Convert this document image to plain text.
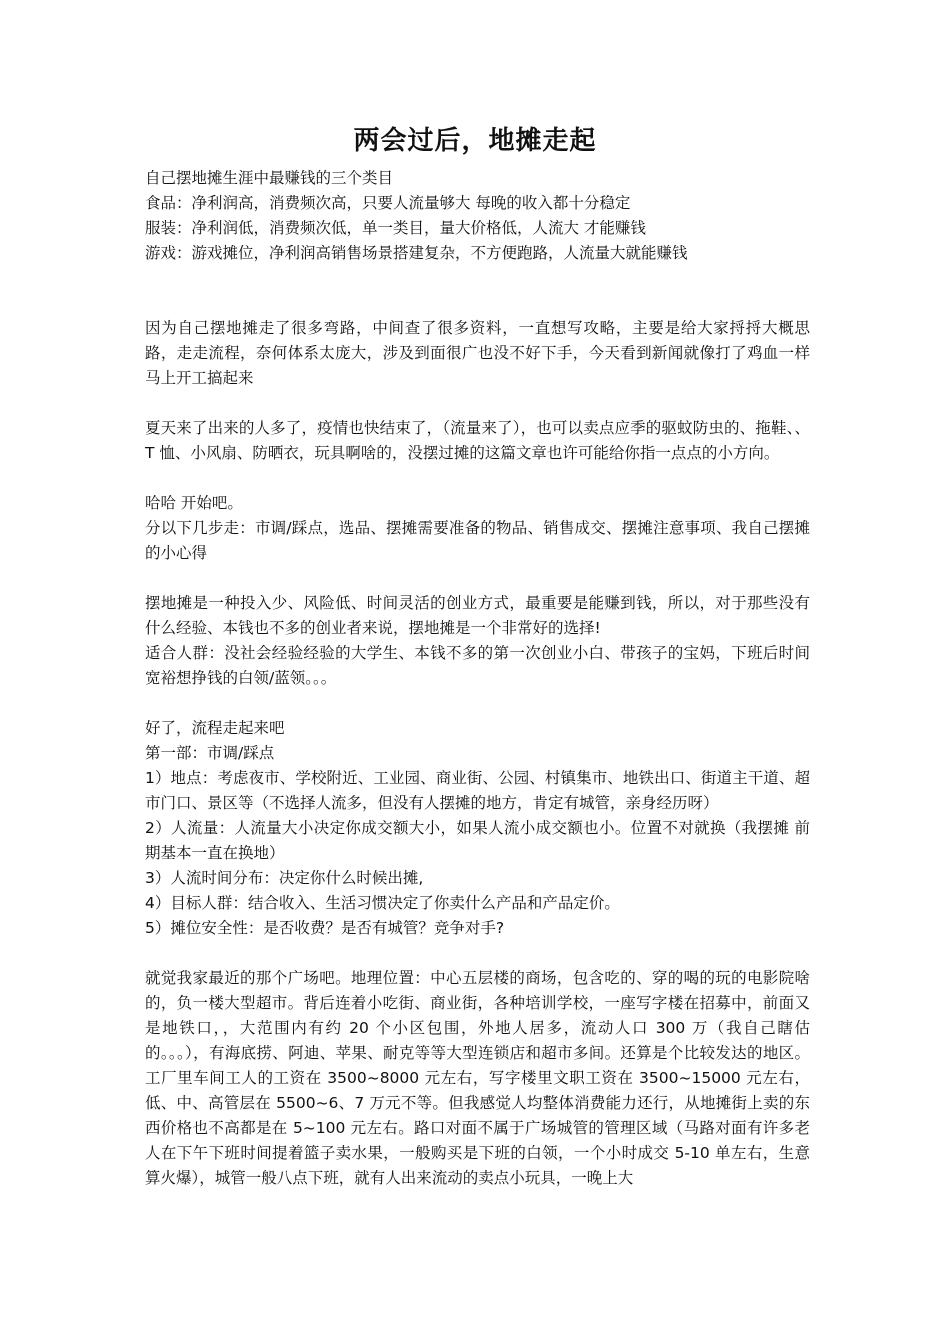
两会过后，地摊走起

自己摆地摊生涯中最赚钱的三个类目

食品：净利润高，消费频次高，只要人流量够大 每晚的收入都十分稳定

服装：净利润低，消费频次低，单一类目，量大价格低，人流大 才能赚钱

游戏：游戏摊位，净利润高销售场景搭建复杂，不方便跑路，人流量大就能赚钱

因为自己摆地摊走了很多弯路，中间查了很多资料，一直想写攻略，主要是给大家捋捋大概思路，走走流程，奈何体系太庞大，涉及到面很广也没不好下手，今天看到新闻就像打了鸡血一样马上开工搞起来

夏天来了出来的人多了，疫情也快结束了，（流量来了），也可以卖点应季的驱蚊防虫的、拖鞋、、T 恤、小风扇、防晒衣，玩具啊啥的，没摆过摊的这篇文章也许可能给你指一点点的小方向。

哈哈 开始吧。

分以下几步走：市调/踩点，选品、摆摊需要准备的物品、销售成交、摆摊注意事项、我自己摆摊的小心得

摆地摊是一种投入少、风险低、时间灵活的创业方式，最重要是能赚到钱，所以，对于那些没有什么经验、本钱也不多的创业者来说，摆地摊是一个非常好的选择!

适合人群：没社会经验经验的大学生、本钱不多的第一次创业小白、带孩子的宝妈，下班后时间宽裕想挣钱的白领/蓝领。。。

好了，流程走起来吧

第一部：市调/踩点

1）地点：考虑夜市、学校附近、工业园、商业街、公园、村镇集市、地铁出口、街道主干道、超市门口、景区等（不选择人流多，但没有人摆摊的地方，肯定有城管，亲身经历呀）

2）人流量：人流量大小决定你成交额大小，如果人流小成交额也小。位置不对就换（我摆摊 前期基本一直在换地）

3）人流时间分布：决定你什么时候出摊,

4）目标人群：结合收入、生活习惯决定了你卖什么产品和产品定价。

5）摊位安全性：是否收费？是否有城管？竞争对手?

就觉我家最近的那个广场吧。地理位置：中心五层楼的商场，包含吃的、穿的喝的玩的电影院啥的，负一楼大型超市。背后连着小吃街、商业街，各种培训学校，一座写字楼在招募中，前面又是地铁口，，大范围内有约 20 个小区包围，外地人居多，流动人口 300 万（我自己瞎估的。。。），有海底捞、阿迪、苹果、耐克等等大型连锁店和超市多间。还算是个比较发达的地区。工厂里车间工人的工资在 3500~8000 元左右，写字楼里文职工资在 3500~15000 元左右，低、中、高管层在 5500~6、7 万元不等。但我感觉人均整体消费能力还行，从地摊街上卖的东西价格也不高都是在 5~100 元左右。路口对面不属于广场城管的管理区域（马路对面有许多老人在下午下班时间提着篮子卖水果，一般购买是下班的白领，一个小时成交 5-10 单左右，生意算火爆），城管一般八点下班，就有人出来流动的卖点小玩具，一晚上大
